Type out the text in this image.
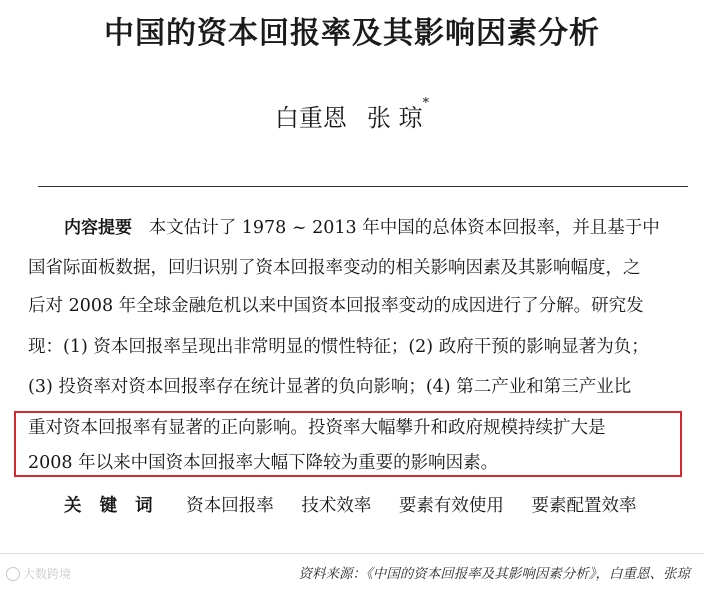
中国的资本回报率及其影响因素分析
白重恩 张 琼*
内容提要 本文估计了 1978 ~ 2013 年中国的总体资本回报率，并且基于中
国省际面板数据，回归识别了资本回报率变动的相关影响因素及其影响幅度，之
后对 2008 年全球金融危机以来中国资本回报率变动的成因进行了分解。研究发
现：(1) 资本回报率呈现出非常明显的惯性特征；(2) 政府干预的影响显著为负；
(3) 投资率对资本回报率存在统计显著的负向影响；(4) 第二产业和第三产业比
重对资本回报率有显著的正向影响。投资率大幅攀升和政府规模持续扩大是
2008 年以来中国资本回报率大幅下降较为重要的影响因素。
关 键 词 资本回报率 技术效率 要素有效使用 要素配置效率
大数跨境	资料来源：《中国的资本回报率及其影响因素分析》，白重恩、张琼
